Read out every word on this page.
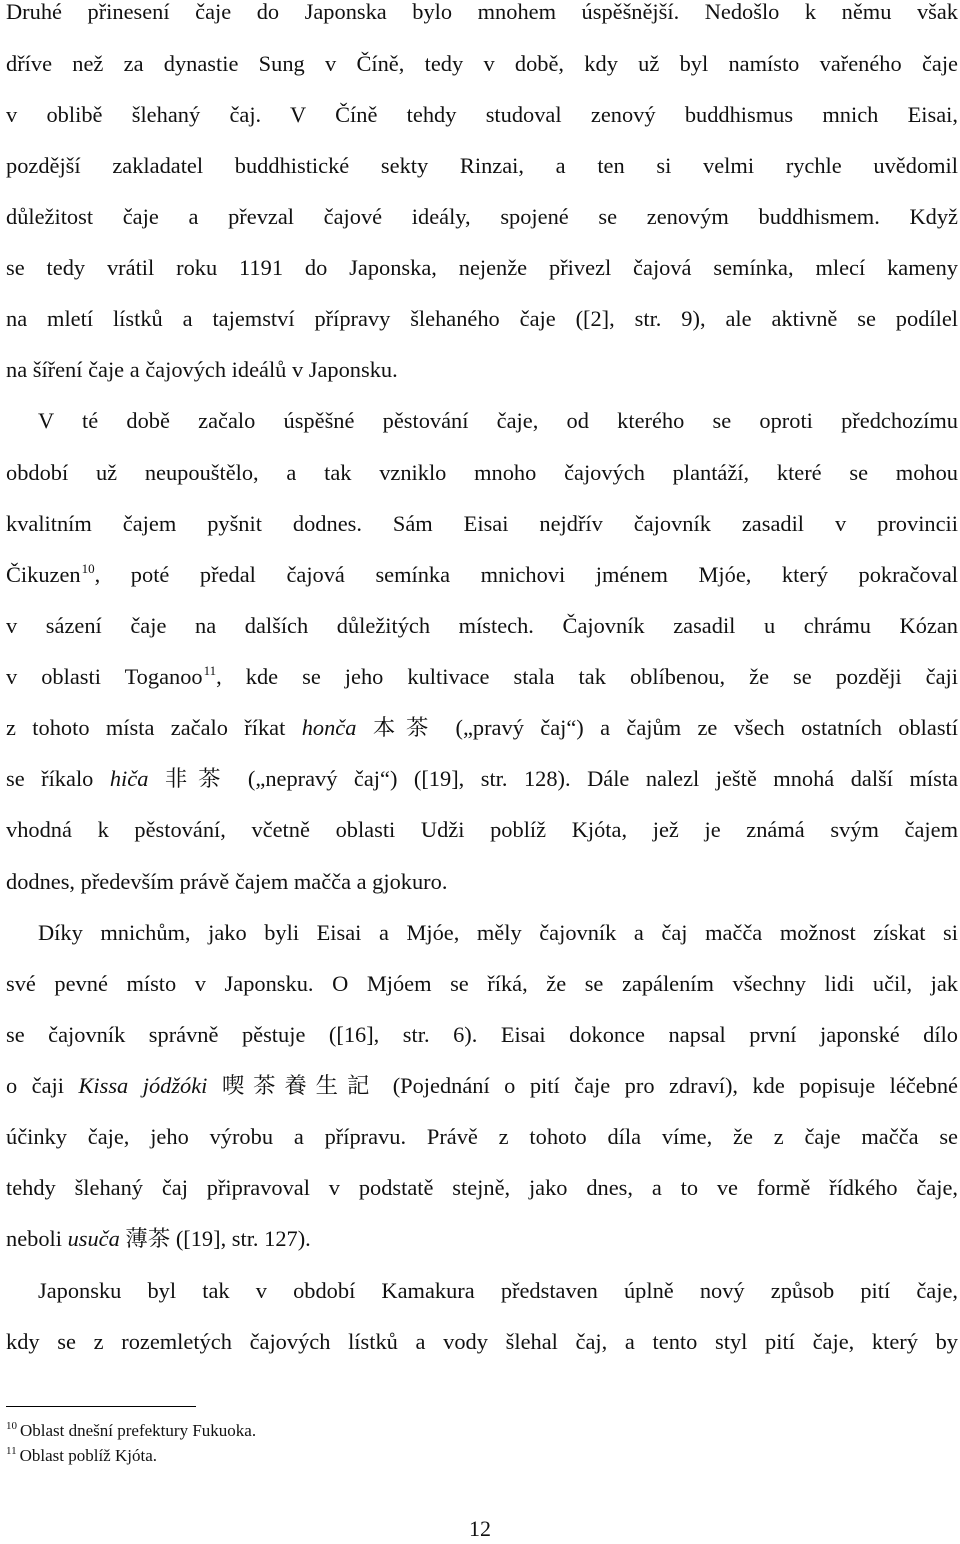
Druhé přinesení čaje do Japonska bylo mnohem úspěšnější. Nedošlo k němu však
dříve než za dynastie Sung v Číně, tedy v době, kdy už byl namísto vařeného čaje
v oblibě šlehaný čaj. V Číně tehdy studoval zenový buddhismus mnich Eisai,
pozdější zakladatel buddhistické sekty Rinzai, a ten si velmi rychle uvědomil
důležitost čaje a převzal čajové ideály, spojené se zenovým buddhismem. Když
se tedy vrátil roku 1191 do Japonska, nejenže přivezl čajová semínka, mlecí kameny
na mletí lístků a tajemství přípravy šlehaného čaje ([2], str. 9), ale aktivně se podílel
na šíření čaje a čajových ideálů v Japonsku.
V té době začalo úspěšné pěstování čaje, od kterého se oproti předchozímu
období už neupouštělo, a tak vzniklo mnoho čajových plantáží, které se mohou
kvalitním čajem pyšnit dodnes. Sám Eisai nejdřív čajovník zasadil v provincii
Čikuzen$^{10}$, poté předal čajová semínka mnichovi jménem Mjóe, který pokračoval
v sázení čaje na dalších důležitých místech. Čajovník zasadil u chrámu Kózan
v oblasti Toganoo$^{11}$, kde se jeho kultivace stala tak oblíbenou, že se později čaji
z tohoto místa začalo říkat honča 本茶 („pravý čaj“) a čajům ze všech ostatních oblastí
se říkalo hiča 非茶 („nepravý čaj“) ([19], str. 128). Dále nalezl ještě mnohá další místa
vhodná k pěstování, včetně oblasti Udži poblíž Kjóta, jež je známá svým čajem
dodnes, především právě čajem mačča a gjokuro.
Díky mnichům, jako byli Eisai a Mjóe, měly čajovník a čaj mačča možnost získat si
své pevné místo v Japonsku. O Mjóem se říká, že se zapálením všechny lidi učil, jak
se čajovník správně pěstuje ([16], str. 6). Eisai dokonce napsal první japonské dílo
o čaji Kissa jódžóki 喫茶養生記 (Pojednání o pití čaje pro zdraví), kde popisuje léčebné
účinky čaje, jeho výrobu a přípravu. Právě z tohoto díla víme, že z čaje mačča se
tehdy šlehaný čaj připravoval v podstatě stejně, jako dnes, a to ve formě řídkého čaje,
neboli usuča 薄茶 ([19], str. 127).
Japonsku byl tak v období Kamakura představen úplně nový způsob pití čaje,
kdy se z rozemletých čajových lístků a vody šlehal čaj, a tento styl pití čaje, který by
$^{10}$ Oblast dnešní prefektury Fukuoka.
$^{11}$ Oblast poblíž Kjóta.
12
